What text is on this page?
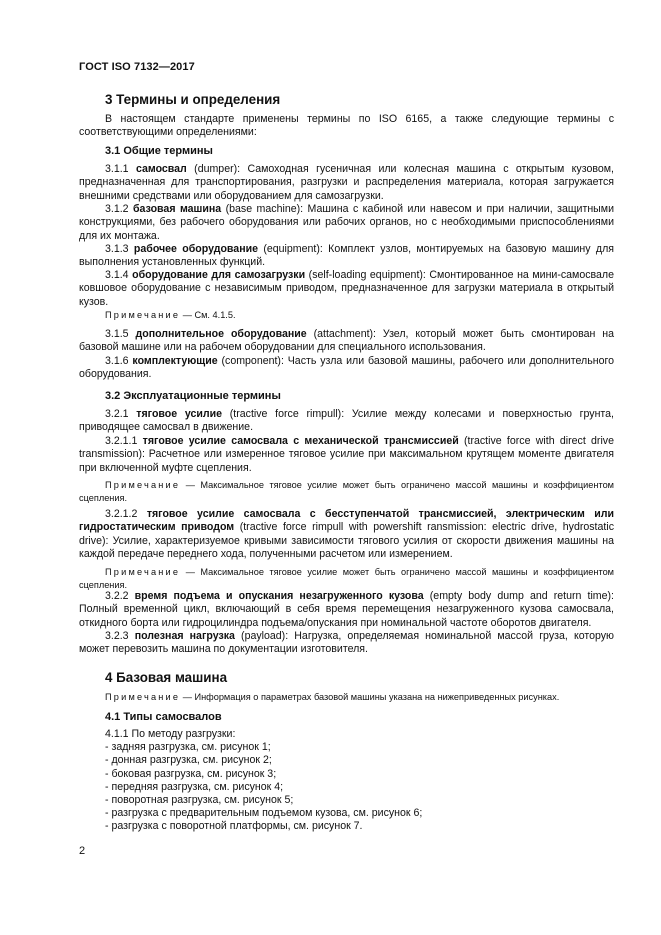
ГОСТ ISO 7132—2017
3 Термины и определения
В настоящем стандарте применены термины по ISO 6165, а также следующие термины с соответствующими определениями:
3.1 Общие термины
3.1.1 самосвал (dumper): Самоходная гусеничная или колесная машина с открытым кузовом, предназначенная для транспортирования, разгрузки и распределения материала, которая загружается внешними средствами или оборудованием для самозагрузки.
3.1.2 базовая машина (base machine): Машина с кабиной или навесом и при наличии, защитными конструкциями, без рабочего оборудования или рабочих органов, но с необходимыми приспособлениями для их монтажа.
3.1.3 рабочее оборудование (equipment): Комплект узлов, монтируемых на базовую машину для выполнения установленных функций.
3.1.4 оборудование для самозагрузки (self-loading equipment): Смонтированное на мини-самосвале ковшовое оборудование с независимым приводом, предназначенное для загрузки материала в открытый кузов.
Примечание — См. 4.1.5.
3.1.5 дополнительное оборудование (attachment): Узел, который может быть смонтирован на базовой машине или на рабочем оборудовании для специального использования.
3.1.6 комплектующие (component): Часть узла или базовой машины, рабочего или дополнительного оборудования.
3.2 Эксплуатационные термины
3.2.1 тяговое усилие (tractive force rimpull): Усилие между колесами и поверхностью грунта, приводящее самосвал в движение.
3.2.1.1 тяговое усилие самосвала с механической трансмиссией (tractive force with direct drive transmission): Расчетное или измеренное тяговое усилие при максимальном крутящем моменте двигателя при включенной муфте сцепления.
Примечание — Максимальное тяговое усилие может быть ограничено массой машины и коэффициентом сцепления.
3.2.1.2 тяговое усилие самосвала с бесступенчатой трансмиссией, электрическим или гидростатическим приводом (tractive force rimpull with powershift ransmission: electric drive, hydrostatic drive): Усилие, характеризуемое кривыми зависимости тягового усилия от скорости движения машины на каждой передаче переднего хода, полученными расчетом или измерением.
Примечание — Максимальное тяговое усилие может быть ограничено массой машины и коэффициентом сцепления.
3.2.2 время подъема и опускания незагруженного кузова (empty body dump and return time): Полный временной цикл, включающий в себя время перемещения незагруженного кузова самосвала, откидного борта или гидроцилиндра подъема/опускания при номинальной частоте оборотов двигателя.
3.2.3 полезная нагрузка (payload): Нагрузка, определяемая номинальной массой груза, которую может перевозить машина по документации изготовителя.
4 Базовая машина
Примечание — Информация о параметрах базовой машины указана на нижеприведенных рисунках.
4.1 Типы самосвалов
4.1.1 По методу разгрузки:
- задняя разгрузка, см. рисунок 1;
- донная разгрузка, см. рисунок 2;
- боковая разгрузка, см. рисунок 3;
- передняя разгрузка, см. рисунок 4;
- поворотная разгрузка, см. рисунок 5;
- разгрузка с предварительным подъемом кузова, см. рисунок 6;
- разгрузка с поворотной платформы, см. рисунок 7.
2
